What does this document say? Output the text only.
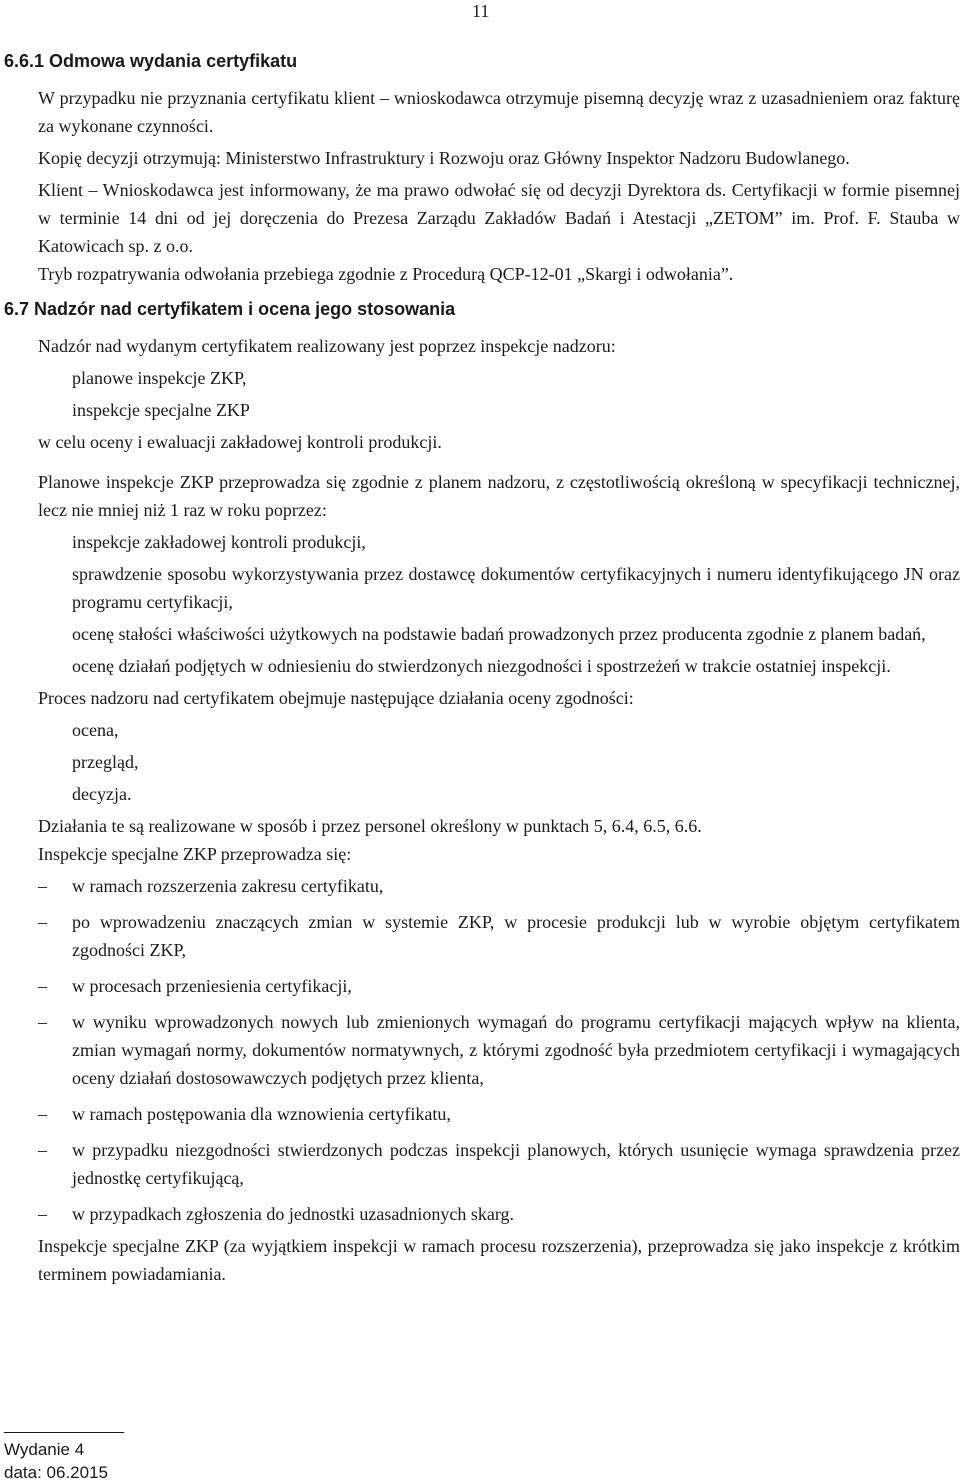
11
6.6.1 Odmowa wydania certyfikatu

W przypadku nie przyznania certyfikatu klient – wnioskodawca otrzymuje pisemną decyzję wraz z uzasadnieniem oraz fakturę za wykonane czynności.

Kopię decyzji otrzymują: Ministerstwo Infrastruktury i Rozwoju oraz Główny Inspektor Nadzoru Budowlanego.

Klient – Wnioskodawca jest informowany, że ma prawo odwołać się od decyzji Dyrektora ds. Certyfikacji w formie pisemnej w terminie 14 dni od jej doręczenia do Prezesa Zarządu Zakładów Badań i Atestacji „ZETOM” im. Prof. F. Stauba w Katowicach sp. z o.o.

Tryb rozpatrywania odwołania przebiega zgodnie z Procedurą QCP-12-01 „Skargi i odwołania”.

6.7 Nadzór nad certyfikatem i ocena jego stosowania

Nadzór nad wydanym certyfikatem realizowany jest poprzez inspekcje nadzoru:

planowe inspekcje ZKP,

inspekcje specjalne ZKP

w celu oceny i ewaluacji zakładowej kontroli produkcji.

Planowe inspekcje ZKP przeprowadza się zgodnie z planem nadzoru, z częstotliwością określoną w specyfikacji technicznej, lecz nie mniej niż 1 raz w roku poprzez:

inspekcje zakładowej kontroli produkcji,

sprawdzenie sposobu wykorzystywania przez dostawcę dokumentów certyfikacyjnych i numeru identyfikującego JN oraz programu certyfikacji,

ocenę stałości właściwości użytkowych na podstawie badań prowadzonych przez producenta zgodnie z planem badań,

ocenę działań podjętych w odniesieniu do stwierdzonych niezgodności i spostrzeżeń w trakcie ostatniej inspekcji.

Proces nadzoru nad certyfikatem obejmuje następujące działania oceny zgodności:

ocena,

przegląd,

decyzja.

Działania te są realizowane w sposób i przez personel określony w punktach 5, 6.4, 6.5, 6.6.

Inspekcje specjalne ZKP przeprowadza się:

–	w ramach rozszerzenia zakresu certyfikatu,
–	po wprowadzeniu znaczących zmian w systemie ZKP, w procesie produkcji lub w wyrobie objętym certyfikatem zgodności ZKP,
–	w procesach przeniesienia certyfikacji,
–	w wyniku wprowadzonych nowych lub zmienionych wymagań do programu certyfikacji mających wpływ na klienta, zmian wymagań normy, dokumentów normatywnych, z którymi zgodność była przedmiotem certyfikacji i wymagających oceny działań dostosowawczych podjętych przez klienta,
–	w ramach postępowania dla wznowienia certyfikatu,
–	w przypadku niezgodności stwierdzonych podczas inspekcji planowych, których usunięcie wymaga sprawdzenia przez jednostkę certyfikującą,
–	w przypadkach zgłoszenia do jednostki uzasadnionych skarg.

Inspekcje specjalne ZKP (za wyjątkiem inspekcji w ramach procesu rozszerzenia), przeprowadza się jako inspekcje z krótkim terminem powiadamiania.

Wydanie 4
data: 06.2015
